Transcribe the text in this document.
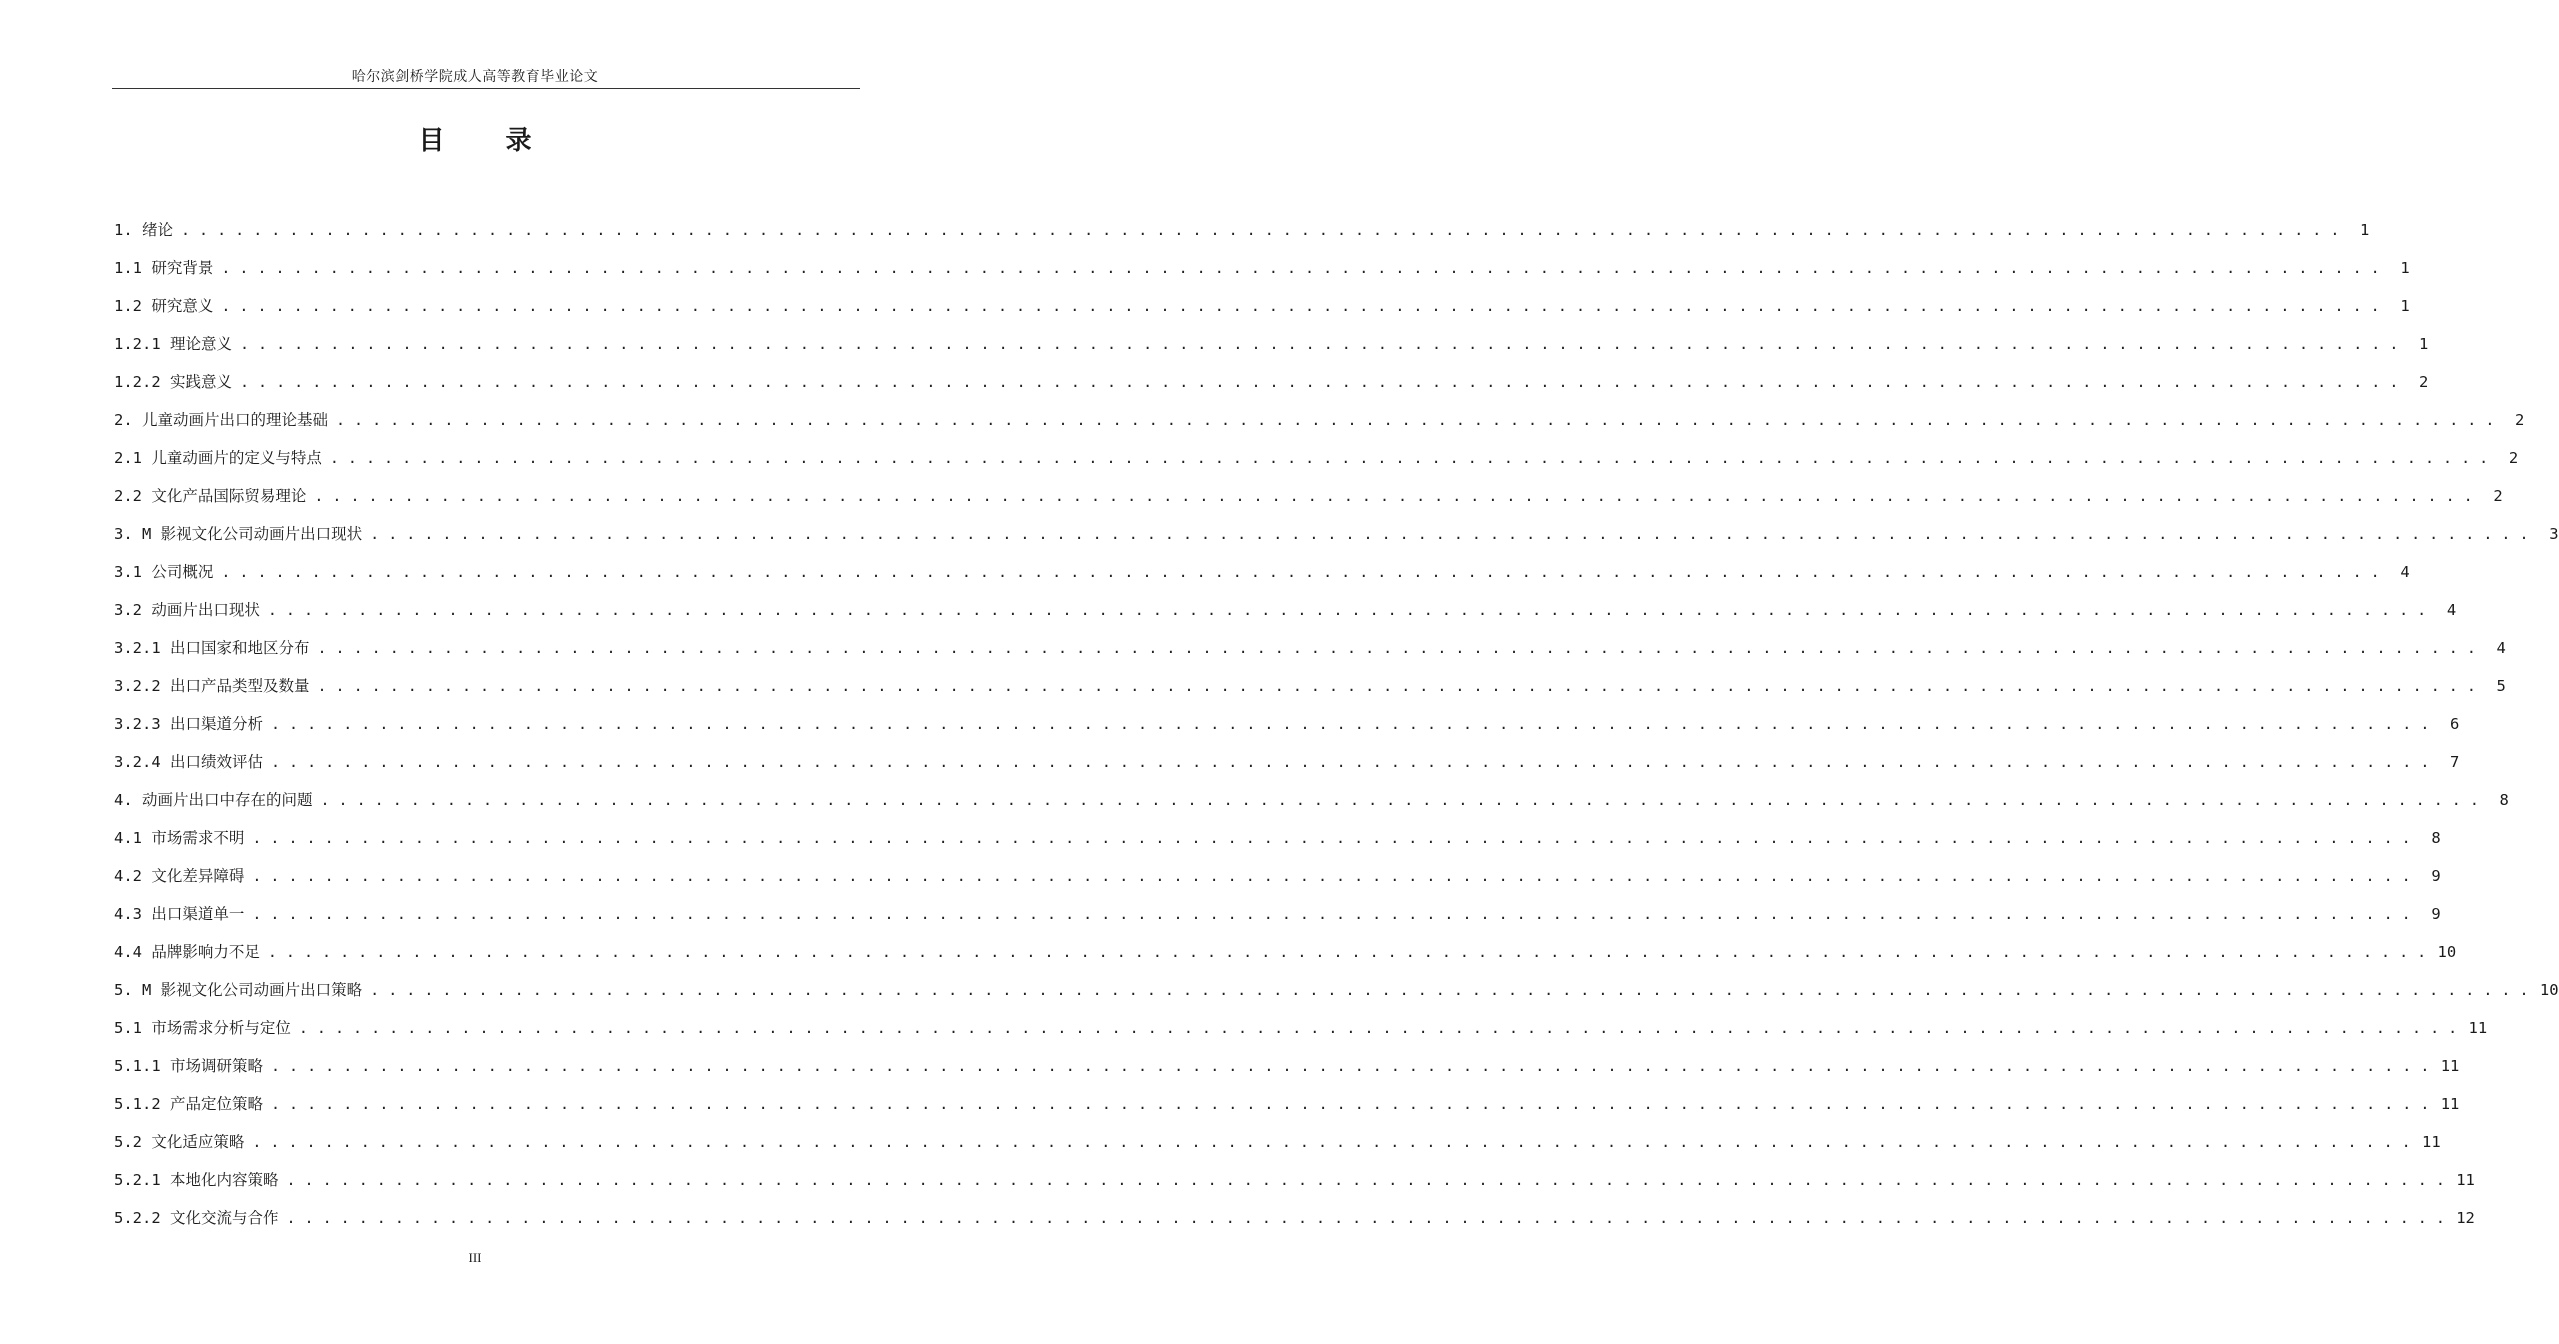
哈尔滨剑桥学院成人高等教育毕业论文
目 录
1. 绪论 . . . . . . . . . . . . . . . . . . . . . . . . . . . . . . . . . . . . . . . . . . . . . . . . . . . . . . . . . . . . . . . . . . . . . . . . . . . . . . . . . . . . . . . . . . . . . . . . . . . . . . . . . . . . . . . . . . . . . . . .	1
1.1 研究背景 . . . . . . . . . . . . . . . . . . . . . . . . . . . . . . . . . . . . . . . . . . . . . . . . . . . . . . . . . . . . . . . . . . . . . . . . . . . . . . . . . . . . . . . . . . . . . . . . . . . . . . . . . . . . . . . . . . . . . . . .	1
1.2 研究意义 . . . . . . . . . . . . . . . . . . . . . . . . . . . . . . . . . . . . . . . . . . . . . . . . . . . . . . . . . . . . . . . . . . . . . . . . . . . . . . . . . . . . . . . . . . . . . . . . . . . . . . . . . . . . . . . . . . . . . . . .	1
1.2.1 理论意义 . . . . . . . . . . . . . . . . . . . . . . . . . . . . . . . . . . . . . . . . . . . . . . . . . . . . . . . . . . . . . . . . . . . . . . . . . . . . . . . . . . . . . . . . . . . . . . . . . . . . . . . . . . . . . . . . . . . . . . . .	1
1.2.2 实践意义 . . . . . . . . . . . . . . . . . . . . . . . . . . . . . . . . . . . . . . . . . . . . . . . . . . . . . . . . . . . . . . . . . . . . . . . . . . . . . . . . . . . . . . . . . . . . . . . . . . . . . . . . . . . . . . . . . . . . . . . .	2
2. 儿童动画片出口的理论基础 . . . . . . . . . . . . . . . . . . . . . . . . . . . . . . . . . . . . . . . . . . . . . . . . . . . . . . . . . . . . . . . . . . . . . . . . . . . . . . . . . . . . . . . . . . . . . . . . . . . . . . . . . . . . . . . . . . . . . . . .	2
2.1 儿童动画片的定义与特点 . . . . . . . . . . . . . . . . . . . . . . . . . . . . . . . . . . . . . . . . . . . . . . . . . . . . . . . . . . . . . . . . . . . . . . . . . . . . . . . . . . . . . . . . . . . . . . . . . . . . . . . . . . . . . . . . . . . . . . . .	2
2.2 文化产品国际贸易理论 . . . . . . . . . . . . . . . . . . . . . . . . . . . . . . . . . . . . . . . . . . . . . . . . . . . . . . . . . . . . . . . . . . . . . . . . . . . . . . . . . . . . . . . . . . . . . . . . . . . . . . . . . . . . . . . . . . . . . . . .	2
3. M 影视文化公司动画片出口现状 . . . . . . . . . . . . . . . . . . . . . . . . . . . . . . . . . . . . . . . . . . . . . . . . . . . . . . . . . . . . . . . . . . . . . . . . . . . . . . . . . . . . . . . . . . . . . . . . . . . . . . . . . . . . . . . . . . . . . . . .	3
3.1 公司概况 . . . . . . . . . . . . . . . . . . . . . . . . . . . . . . . . . . . . . . . . . . . . . . . . . . . . . . . . . . . . . . . . . . . . . . . . . . . . . . . . . . . . . . . . . . . . . . . . . . . . . . . . . . . . . . . . . . . . . . . .	4
3.2 动画片出口现状 . . . . . . . . . . . . . . . . . . . . . . . . . . . . . . . . . . . . . . . . . . . . . . . . . . . . . . . . . . . . . . . . . . . . . . . . . . . . . . . . . . . . . . . . . . . . . . . . . . . . . . . . . . . . . . . . . . . . . . . .	4
3.2.1 出口国家和地区分布 . . . . . . . . . . . . . . . . . . . . . . . . . . . . . . . . . . . . . . . . . . . . . . . . . . . . . . . . . . . . . . . . . . . . . . . . . . . . . . . . . . . . . . . . . . . . . . . . . . . . . . . . . . . . . . . . . . . . . . . .	4
3.2.2 出口产品类型及数量 . . . . . . . . . . . . . . . . . . . . . . . . . . . . . . . . . . . . . . . . . . . . . . . . . . . . . . . . . . . . . . . . . . . . . . . . . . . . . . . . . . . . . . . . . . . . . . . . . . . . . . . . . . . . . . . . . . . . . . . .	5
3.2.3 出口渠道分析 . . . . . . . . . . . . . . . . . . . . . . . . . . . . . . . . . . . . . . . . . . . . . . . . . . . . . . . . . . . . . . . . . . . . . . . . . . . . . . . . . . . . . . . . . . . . . . . . . . . . . . . . . . . . . . . . . . . . . . . .	6
3.2.4 出口绩效评估 . . . . . . . . . . . . . . . . . . . . . . . . . . . . . . . . . . . . . . . . . . . . . . . . . . . . . . . . . . . . . . . . . . . . . . . . . . . . . . . . . . . . . . . . . . . . . . . . . . . . . . . . . . . . . . . . . . . . . . . .	7
4. 动画片出口中存在的问题 . . . . . . . . . . . . . . . . . . . . . . . . . . . . . . . . . . . . . . . . . . . . . . . . . . . . . . . . . . . . . . . . . . . . . . . . . . . . . . . . . . . . . . . . . . . . . . . . . . . . . . . . . . . . . . . . . . . . . . . .	8
4.1 市场需求不明 . . . . . . . . . . . . . . . . . . . . . . . . . . . . . . . . . . . . . . . . . . . . . . . . . . . . . . . . . . . . . . . . . . . . . . . . . . . . . . . . . . . . . . . . . . . . . . . . . . . . . . . . . . . . . . . . . . . . . . . .	8
4.2 文化差异障碍 . . . . . . . . . . . . . . . . . . . . . . . . . . . . . . . . . . . . . . . . . . . . . . . . . . . . . . . . . . . . . . . . . . . . . . . . . . . . . . . . . . . . . . . . . . . . . . . . . . . . . . . . . . . . . . . . . . . . . . . .	9
4.3 出口渠道单一 . . . . . . . . . . . . . . . . . . . . . . . . . . . . . . . . . . . . . . . . . . . . . . . . . . . . . . . . . . . . . . . . . . . . . . . . . . . . . . . . . . . . . . . . . . . . . . . . . . . . . . . . . . . . . . . . . . . . . . . .	9
4.4 品牌影响力不足 . . . . . . . . . . . . . . . . . . . . . . . . . . . . . . . . . . . . . . . . . . . . . . . . . . . . . . . . . . . . . . . . . . . . . . . . . . . . . . . . . . . . . . . . . . . . . . . . . . . . . . . . . . . . . . . . . . . . . . . . 10
5. M 影视文化公司动画片出口策略 . . . . . . . . . . . . . . . . . . . . . . . . . . . . . . . . . . . . . . . . . . . . . . . . . . . . . . . . . . . . . . . . . . . . . . . . . . . . . . . . . . . . . . . . . . . . . . . . . . . . . . . . . . . . . . . . . . . . . . . . 10
5.1 市场需求分析与定位 . . . . . . . . . . . . . . . . . . . . . . . . . . . . . . . . . . . . . . . . . . . . . . . . . . . . . . . . . . . . . . . . . . . . . . . . . . . . . . . . . . . . . . . . . . . . . . . . . . . . . . . . . . . . . . . . . . . . . . . . 11
5.1.1 市场调研策略 . . . . . . . . . . . . . . . . . . . . . . . . . . . . . . . . . . . . . . . . . . . . . . . . . . . . . . . . . . . . . . . . . . . . . . . . . . . . . . . . . . . . . . . . . . . . . . . . . . . . . . . . . . . . . . . . . . . . . . . . 11
5.1.2 产品定位策略 . . . . . . . . . . . . . . . . . . . . . . . . . . . . . . . . . . . . . . . . . . . . . . . . . . . . . . . . . . . . . . . . . . . . . . . . . . . . . . . . . . . . . . . . . . . . . . . . . . . . . . . . . . . . . . . . . . . . . . . . 11
5.2 文化适应策略 . . . . . . . . . . . . . . . . . . . . . . . . . . . . . . . . . . . . . . . . . . . . . . . . . . . . . . . . . . . . . . . . . . . . . . . . . . . . . . . . . . . . . . . . . . . . . . . . . . . . . . . . . . . . . . . . . . . . . . . . 11
5.2.1 本地化内容策略 . . . . . . . . . . . . . . . . . . . . . . . . . . . . . . . . . . . . . . . . . . . . . . . . . . . . . . . . . . . . . . . . . . . . . . . . . . . . . . . . . . . . . . . . . . . . . . . . . . . . . . . . . . . . . . . . . . . . . . . . 11
5.2.2 文化交流与合作 . . . . . . . . . . . . . . . . . . . . . . . . . . . . . . . . . . . . . . . . . . . . . . . . . . . . . . . . . . . . . . . . . . . . . . . . . . . . . . . . . . . . . . . . . . . . . . . . . . . . . . . . . . . . . . . . . . . . . . . . 12
III
